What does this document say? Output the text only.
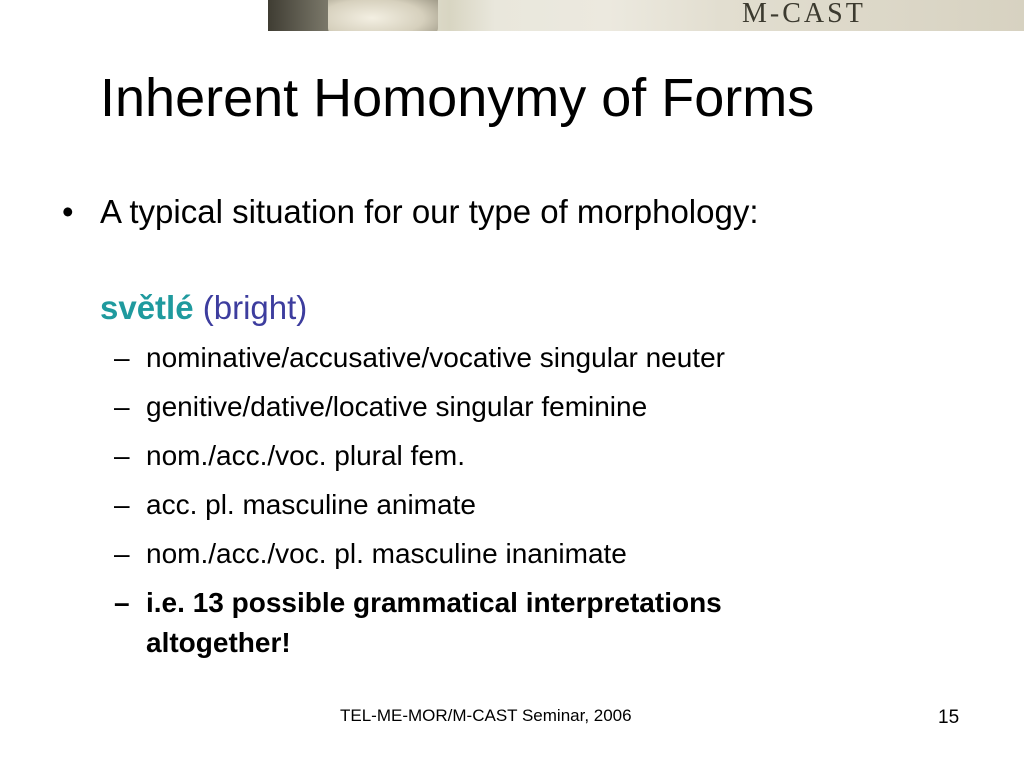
M-CAST
Inherent Homonymy of Forms
• A typical situation for our type of morphology:
světlé (bright)
– nominative/accusative/vocative singular neuter
– genitive/dative/locative singular feminine
– nom./acc./voc. plural fem.
– acc. pl. masculine animate
– nom./acc./voc. pl. masculine inanimate
– i.e. 13 possible grammatical interpretations altogether!
TEL-ME-MOR/M-CAST Seminar, 2006	15
